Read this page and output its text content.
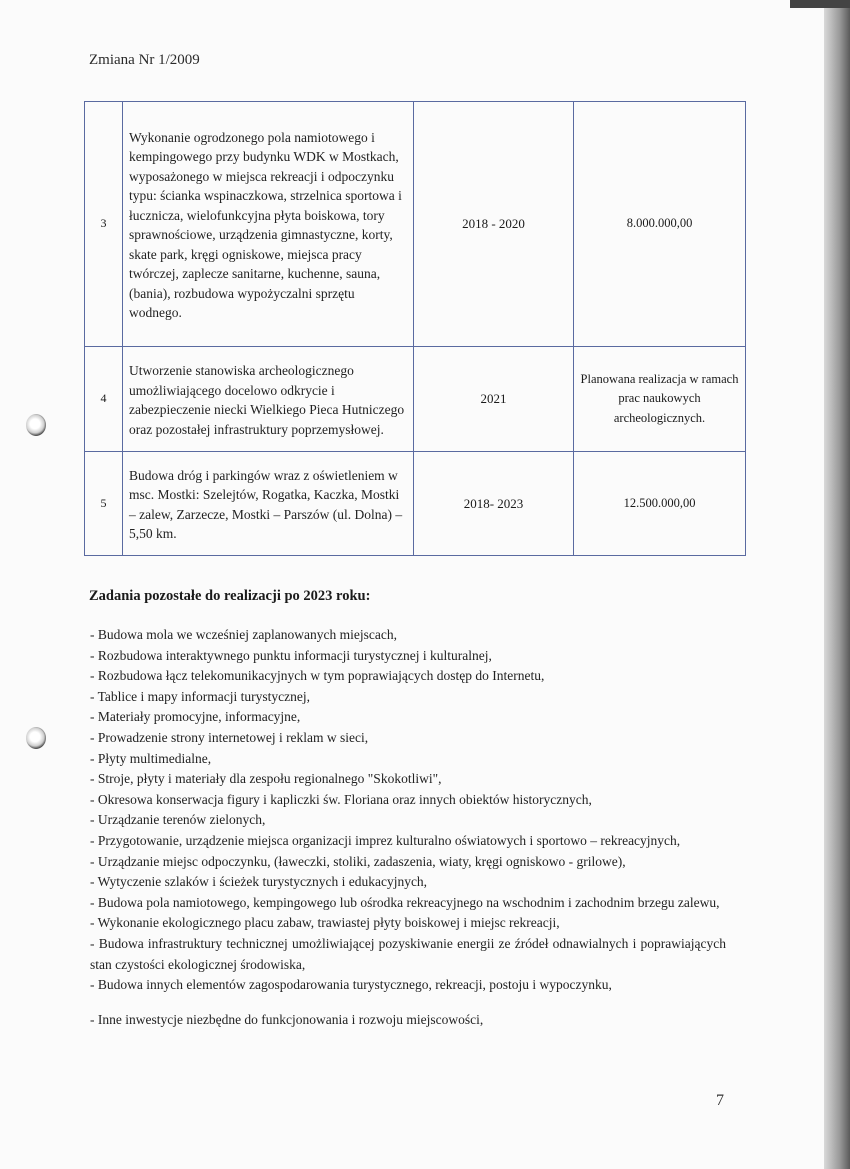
Zmiana Nr 1/2009
3	Wykonanie ogrodzonego pola namiotowego i kempingowego przy budynku WDK w Mostkach, wyposażonego w miejsca rekreacji i odpoczynku typu: ścianka wspinaczkowa, strzelnica sportowa i łucznicza, wielofunkcyjna płyta boiskowa, tory sprawnościowe, urządzenia gimnastyczne, korty, skate park, kręgi ogniskowe, miejsca pracy twórczej, zaplecze sanitarne, kuchenne, sauna, (bania), rozbudowa wypożyczalni sprzętu wodnego.	2018 - 2020	8.000.000,00
4	Utworzenie stanowiska archeologicznego umożliwiającego docelowo odkrycie i zabezpieczenie niecki Wielkiego Pieca Hutniczego oraz pozostałej infrastruktury poprzemysłowej.	2021	Planowana realizacja w ramach prac naukowych archeologicznych.
5	Budowa dróg i parkingów wraz z oświetleniem w msc. Mostki: Szelejtów, Rogatka, Kaczka, Mostki – zalew, Zarzecze, Mostki – Parszów (ul. Dolna) – 5,50 km.	2018- 2023	12.500.000,00
Zadania pozostałe do realizacji po 2023 roku:
- Budowa mola we wcześniej zaplanowanych miejscach,
- Rozbudowa interaktywnego punktu informacji turystycznej i kulturalnej,
- Rozbudowa łącz telekomunikacyjnych w tym poprawiających dostęp do Internetu,
- Tablice i mapy informacji turystycznej,
- Materiały promocyjne, informacyjne,
- Prowadzenie strony internetowej i reklam w sieci,
- Płyty multimedialne,
- Stroje, płyty i materiały dla zespołu regionalnego "Skokotliwi",
- Okresowa konserwacja figury i kapliczki św. Floriana oraz innych obiektów historycznych,
- Urządzanie terenów zielonych,
- Przygotowanie, urządzenie miejsca organizacji imprez kulturalno oświatowych i sportowo – rekreacyjnych,
- Urządzanie miejsc odpoczynku, (ławeczki, stoliki, zadaszenia, wiaty, kręgi ogniskowo - grilowe),
- Wytyczenie szlaków i ścieżek turystycznych i edukacyjnych,
- Budowa pola namiotowego, kempingowego lub ośrodka rekreacyjnego na wschodnim i zachodnim brzegu zalewu,
- Wykonanie ekologicznego placu zabaw, trawiastej płyty boiskowej i miejsc rekreacji,
- Budowa infrastruktury technicznej umożliwiającej pozyskiwanie energii ze źródeł odnawialnych i poprawiających stan czystości ekologicznej środowiska,
- Budowa innych elementów zagospodarowania turystycznego, rekreacji, postoju i wypoczynku,
- Inne inwestycje niezbędne do funkcjonowania i rozwoju miejscowości,
7
